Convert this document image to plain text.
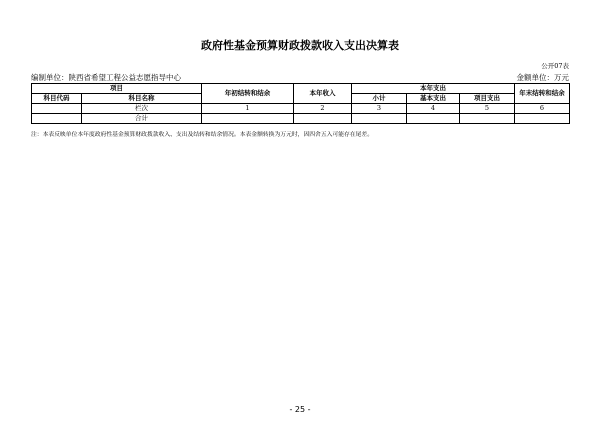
政府性基金预算财政拨款收入支出决算表
公开07表
编制单位：陕西省希望工程公益志愿指导中心	金额单位：万元
项目		年初结转和结余	本年收入	本年支出			年末结转和结余
科目代码	科目名称			小计	基本支出	项目支出	
	栏次	1	2	3	4	5	6
	合计						
注：本表反映单位本年度政府性基金预算财政拨款收入、支出及结转和结余情况。本表金额转换为万元时，因四舍五入可能存在尾差。
- 25 -
